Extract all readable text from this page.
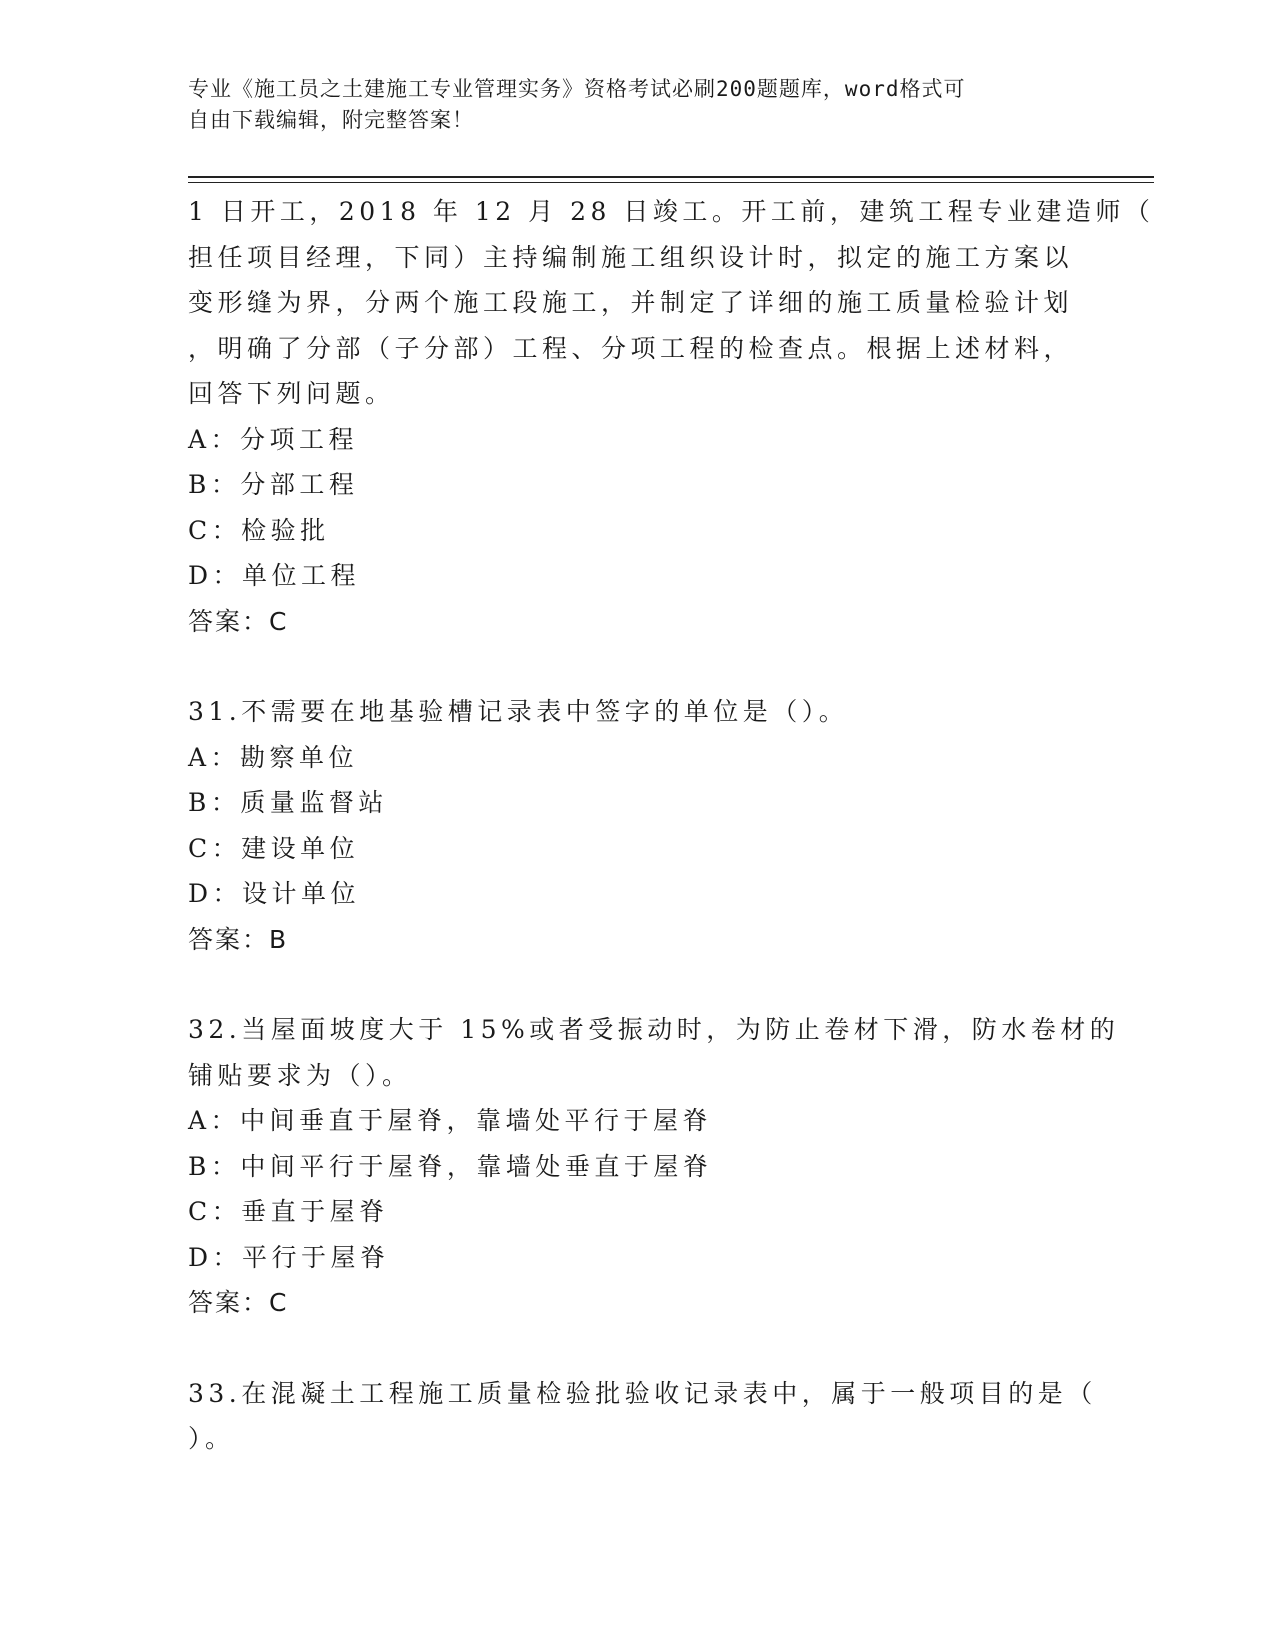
专业《施工员之土建施工专业管理实务》资格考试必刷200题题库，word格式可
自由下载编辑，附完整答案！

1 日开工，2018 年 12 月 28 日竣工。开工前，建筑工程专业建造师（
担任项目经理，下同）主持编制施工组织设计时，拟定的施工方案以
变形缝为界，分两个施工段施工，并制定了详细的施工质量检验计划
，明确了分部（子分部）工程、分项工程的检查点。根据上述材料，
回答下列问题。

A：分项工程
B：分部工程
C：检验批
D：单位工程
答案：C

31.不需要在地基验槽记录表中签字的单位是（）。

A：勘察单位
B：质量监督站
C：建设单位
D：设计单位
答案：B

32.当屋面坡度大于 15%或者受振动时，为防止卷材下滑，防水卷材的
铺贴要求为（）。

A：中间垂直于屋脊，靠墙处平行于屋脊
B：中间平行于屋脊，靠墙处垂直于屋脊
C：垂直于屋脊
D：平行于屋脊
答案：C

33.在混凝土工程施工质量检验批验收记录表中，属于一般项目的是（
）。
